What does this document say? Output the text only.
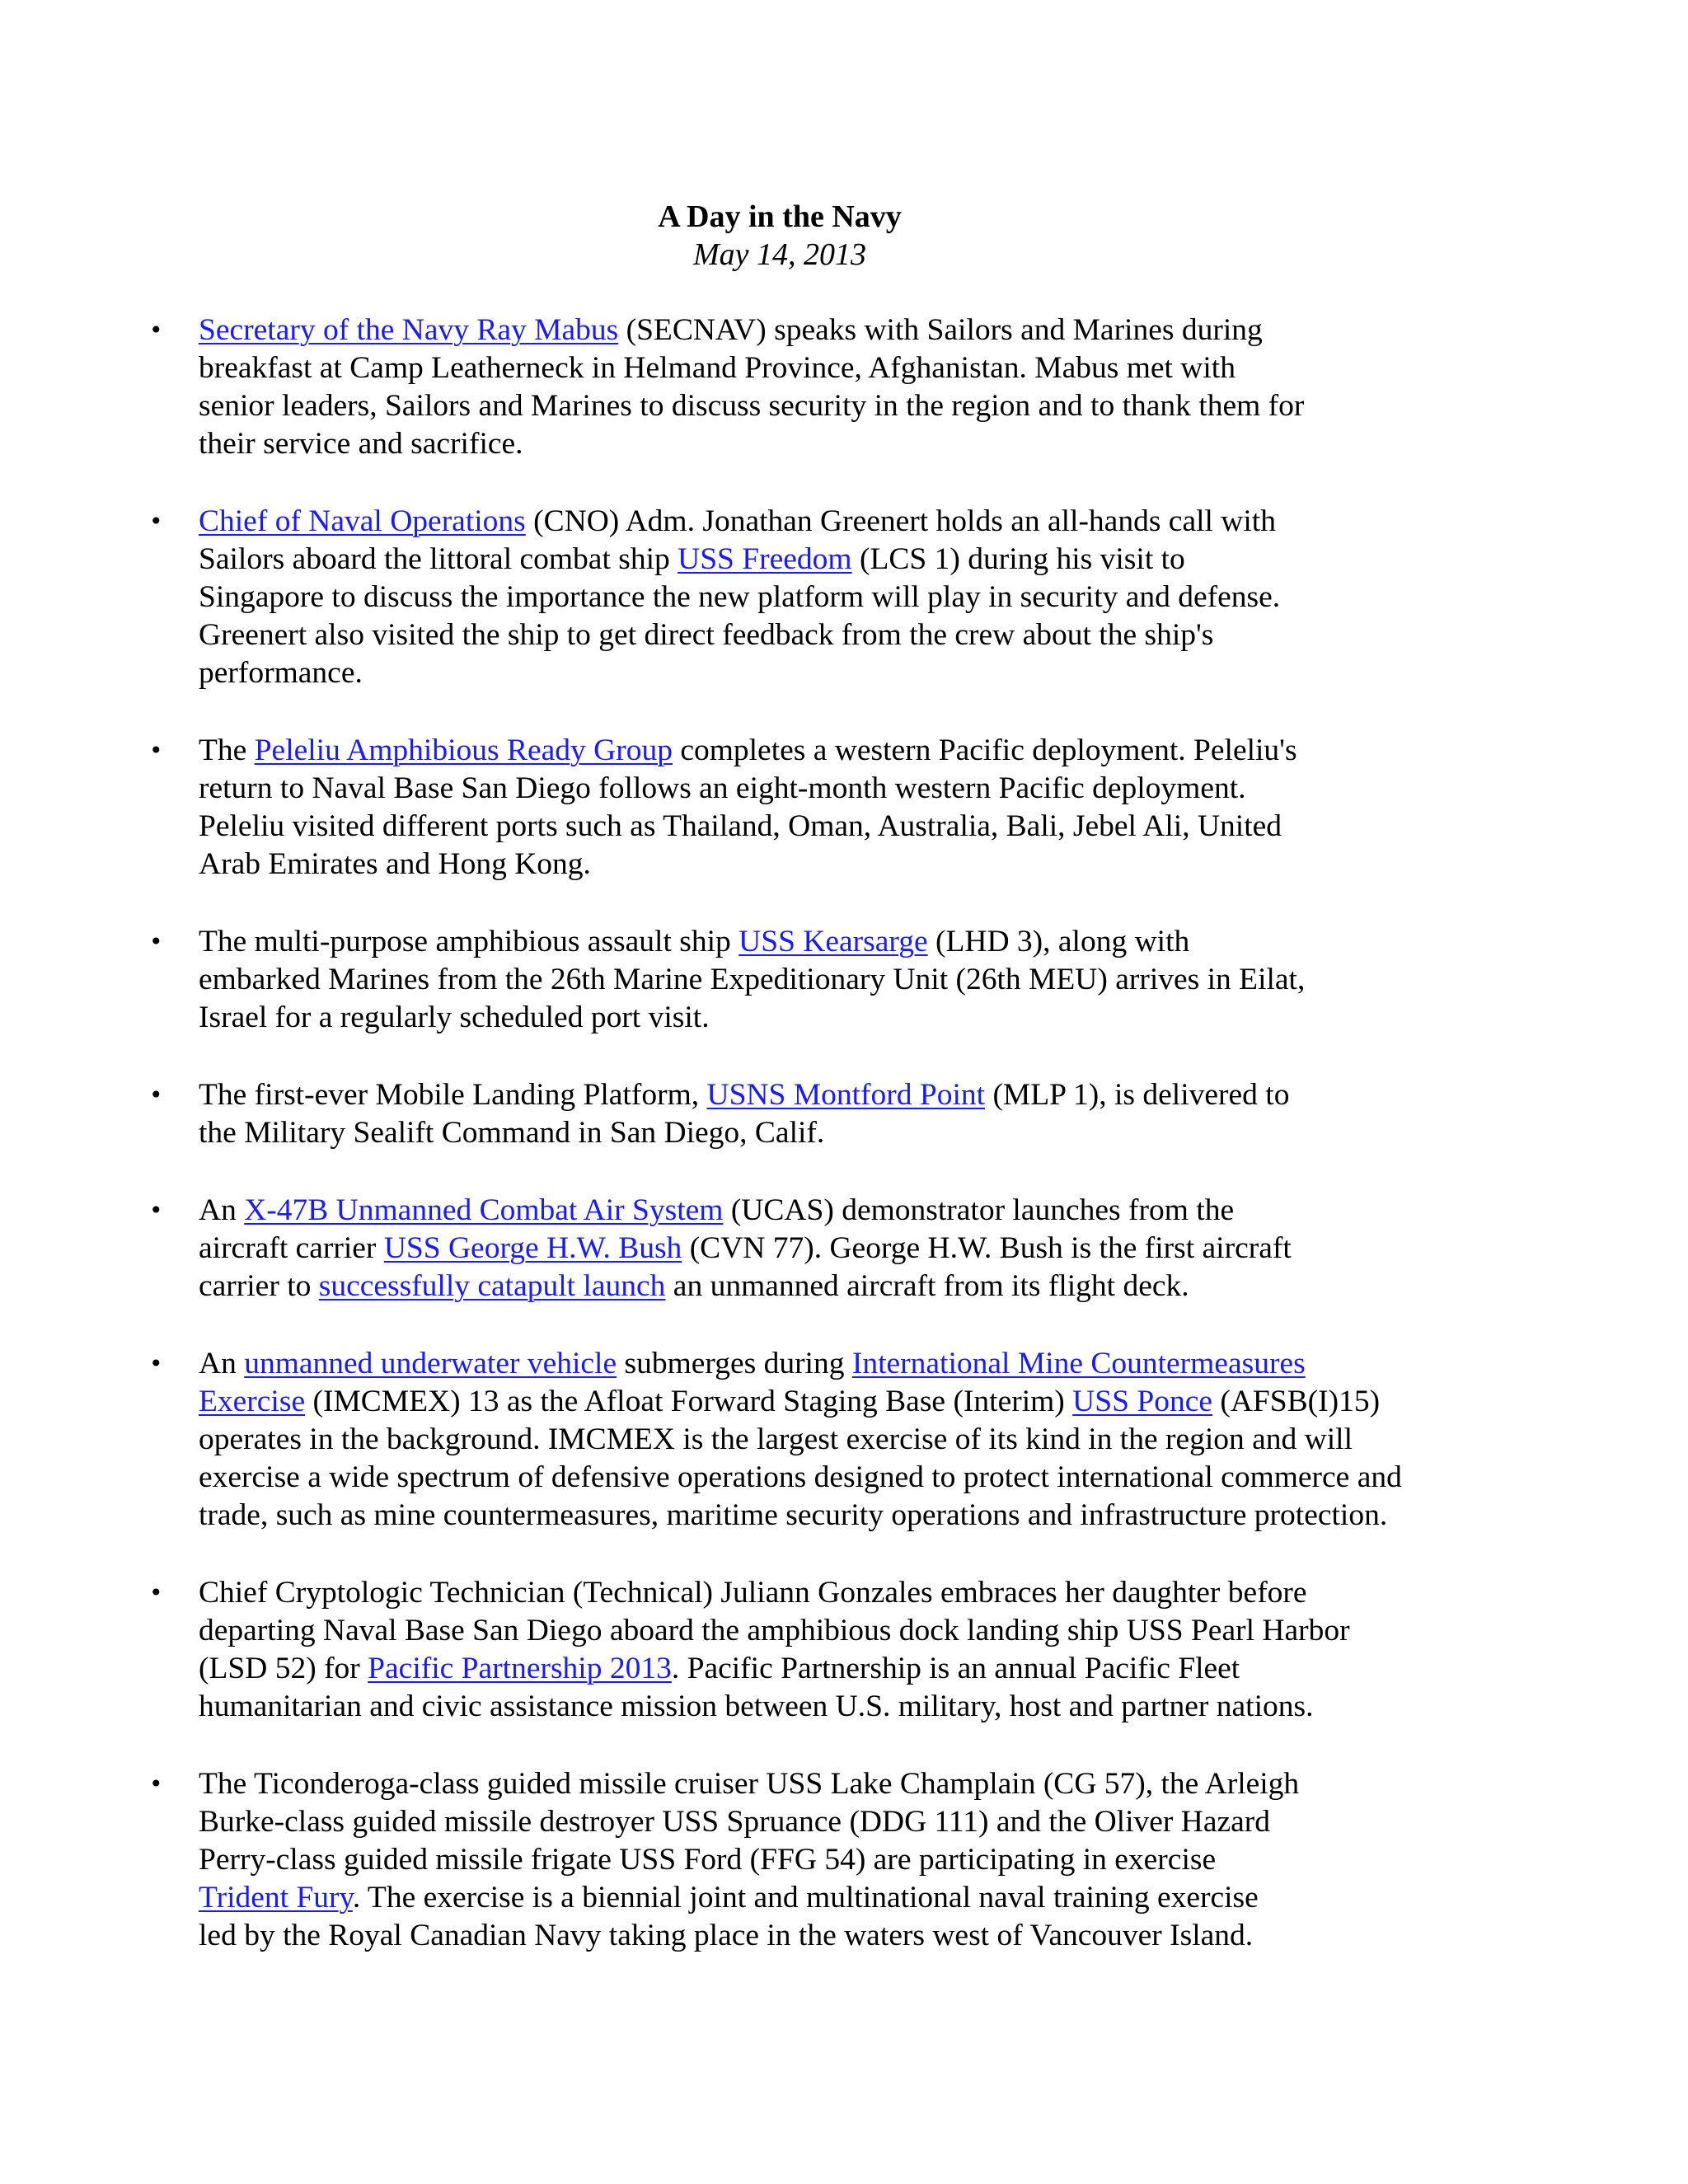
A Day in the Navy
May 14, 2013
• Secretary of the Navy Ray Mabus (SECNAV) speaks with Sailors and Marines during
breakfast at Camp Leatherneck in Helmand Province, Afghanistan. Mabus met with
senior leaders, Sailors and Marines to discuss security in the region and to thank them for
their service and sacrifice.
• Chief of Naval Operations (CNO) Adm. Jonathan Greenert holds an all-hands call with
Sailors aboard the littoral combat ship USS Freedom (LCS 1) during his visit to
Singapore to discuss the importance the new platform will play in security and defense.
Greenert also visited the ship to get direct feedback from the crew about the ship's
performance.
• The Peleliu Amphibious Ready Group completes a western Pacific deployment. Peleliu's
return to Naval Base San Diego follows an eight-month western Pacific deployment.
Peleliu visited different ports such as Thailand, Oman, Australia, Bali, Jebel Ali, United
Arab Emirates and Hong Kong.
• The multi-purpose amphibious assault ship USS Kearsarge (LHD 3), along with
embarked Marines from the 26th Marine Expeditionary Unit (26th MEU) arrives in Eilat,
Israel for a regularly scheduled port visit.
• The first-ever Mobile Landing Platform, USNS Montford Point (MLP 1), is delivered to
the Military Sealift Command in San Diego, Calif.
• An X-47B Unmanned Combat Air System (UCAS) demonstrator launches from the
aircraft carrier USS George H.W. Bush (CVN 77). George H.W. Bush is the first aircraft
carrier to successfully catapult launch an unmanned aircraft from its flight deck.
• An unmanned underwater vehicle submerges during International Mine Countermeasures
Exercise (IMCMEX) 13 as the Afloat Forward Staging Base (Interim) USS Ponce (AFSB(I)15)
operates in the background. IMCMEX is the largest exercise of its kind in the region and will
exercise a wide spectrum of defensive operations designed to protect international commerce and
trade, such as mine countermeasures, maritime security operations and infrastructure protection.
• Chief Cryptologic Technician (Technical) Juliann Gonzales embraces her daughter before
departing Naval Base San Diego aboard the amphibious dock landing ship USS Pearl Harbor
(LSD 52) for Pacific Partnership 2013. Pacific Partnership is an annual Pacific Fleet
humanitarian and civic assistance mission between U.S. military, host and partner nations.
• The Ticonderoga-class guided missile cruiser USS Lake Champlain (CG 57), the Arleigh
Burke-class guided missile destroyer USS Spruance (DDG 111) and the Oliver Hazard
Perry-class guided missile frigate USS Ford (FFG 54) are participating in exercise
Trident Fury. The exercise is a biennial joint and multinational naval training exercise
led by the Royal Canadian Navy taking place in the waters west of Vancouver Island.
